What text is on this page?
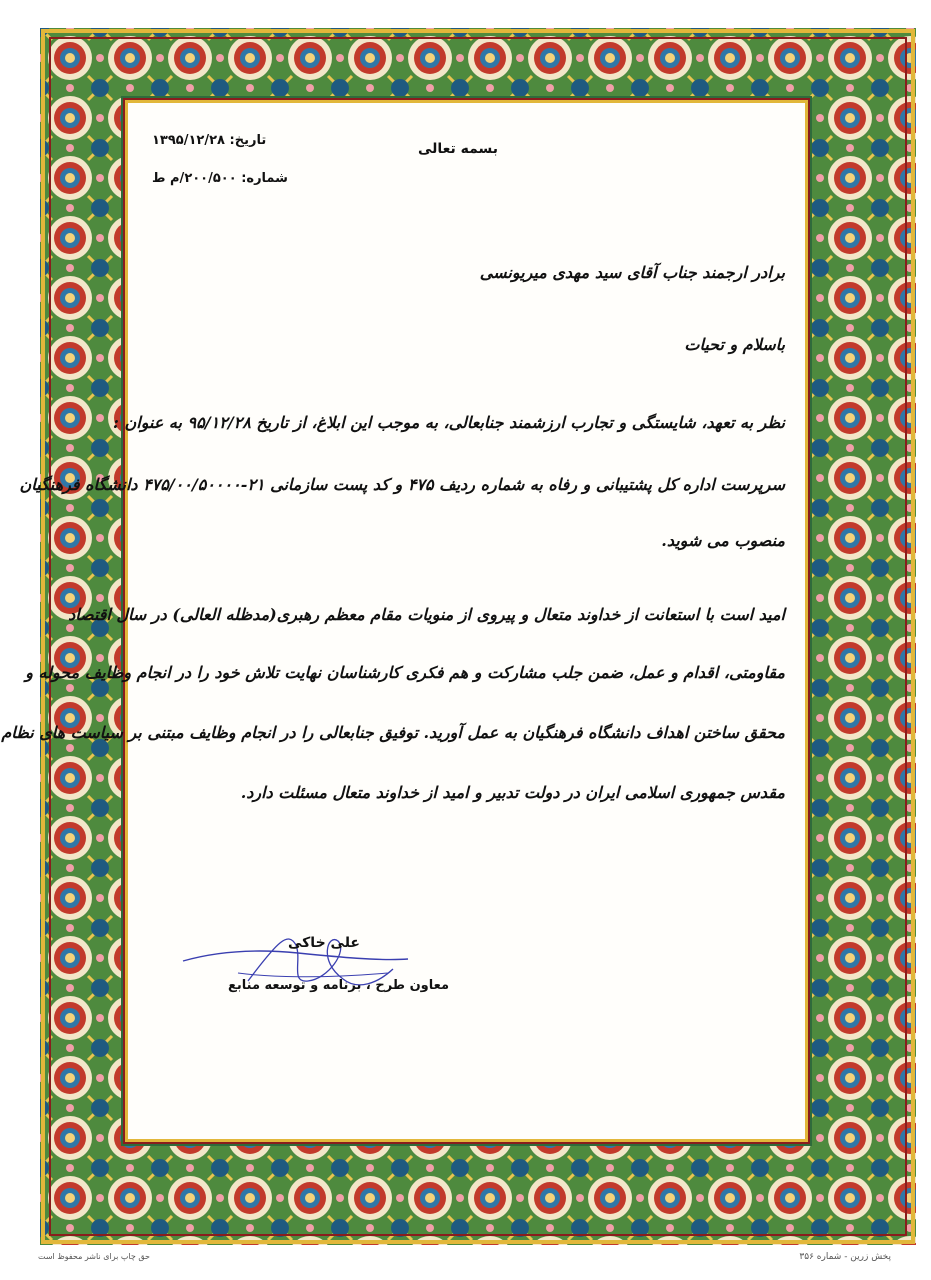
تاریخ: ۱۳۹۵/۱۲/۲۸
شماره: ۲۰۰/۵۰۰/م ط
بسمه تعالی
برادر ارجمند جناب آقای سید مهدی میریونسی
باسلام و تحیات
نظر به تعهد، شایستگی و تجارب ارزشمند جنابعالی، به موجب این ابلاغ، از تاریخ ۹۵/۱۲/۲۸ به عنوان :
سرپرست اداره کل پشتیبانی و رفاه به شماره ردیف ۴۷۵ و کد پست سازمانی ۲۱-۴۷۵/۰۰/۵۰۰۰۰ دانشگاه فرهنگیان
منصوب می شوید.
امید است با استعانت از خداوند متعال و پیروی از منویات مقام معظم رهبری(مدظله العالی) در سال اقتصاد
مقاومتی، اقدام و عمل، ضمن جلب مشارکت و هم فکری کارشناسان نهایت تلاش خود را در انجام وظایف محوله و
محقق ساختن اهداف دانشگاه فرهنگیان به عمل آورید. توفیق جنابعالی را در انجام وظایف مبتنی بر سیاست های نظام
مقدس جمهوری اسلامی ایران در دولت تدبیر و امید از خداوند متعال مسئلت دارد.
علی خاکی
معاون طرح ، برنامه و توسعه منابع
پخش زرین - شماره ۳۵۶
حق چاپ برای ناشر محفوظ است
